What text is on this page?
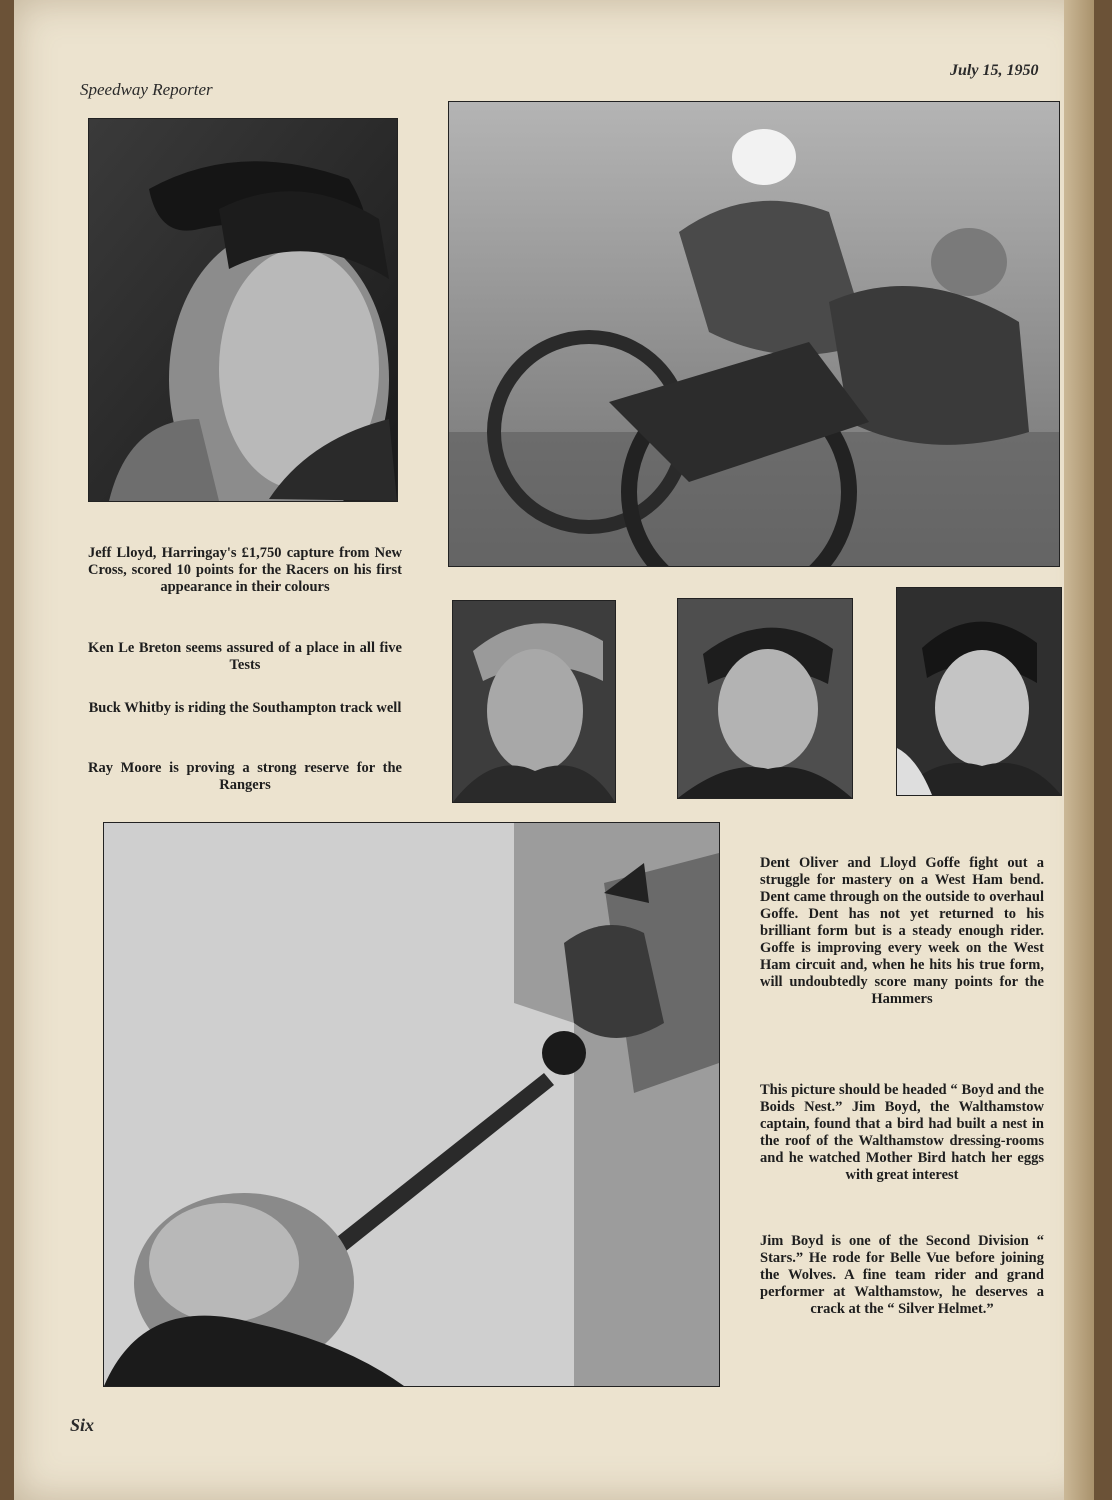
Speedway Reporter
July 15, 1950
Jeff Lloyd, Harringay's £1,750 capture from New Cross, scored 10 points for the Racers on his first appearance in their colours
Ken Le Breton seems assured of a place in all five Tests
Buck Whitby is riding the Southampton track well
Ray Moore is proving a strong reserve for the Rangers
Dent Oliver and Lloyd Goffe fight out a struggle for mastery on a West Ham bend. Dent came through on the outside to overhaul Goffe. Dent has not yet returned to his brilliant form but is a steady enough rider. Goffe is improving every week on the West Ham circuit and, when he hits his true form, will undoubtedly score many points for the Hammers
This picture should be headed “ Boyd and the Boids Nest.” Jim Boyd, the Walthamstow captain, found that a bird had built a nest in the roof of the Walthamstow dressing-rooms and he watched Mother Bird hatch her eggs with great interest
Jim Boyd is one of the Second Division “ Stars.” He rode for Belle Vue before joining the Wolves. A fine team rider and grand performer at Walthamstow, he deserves a crack at the “ Silver Helmet.”
Six
